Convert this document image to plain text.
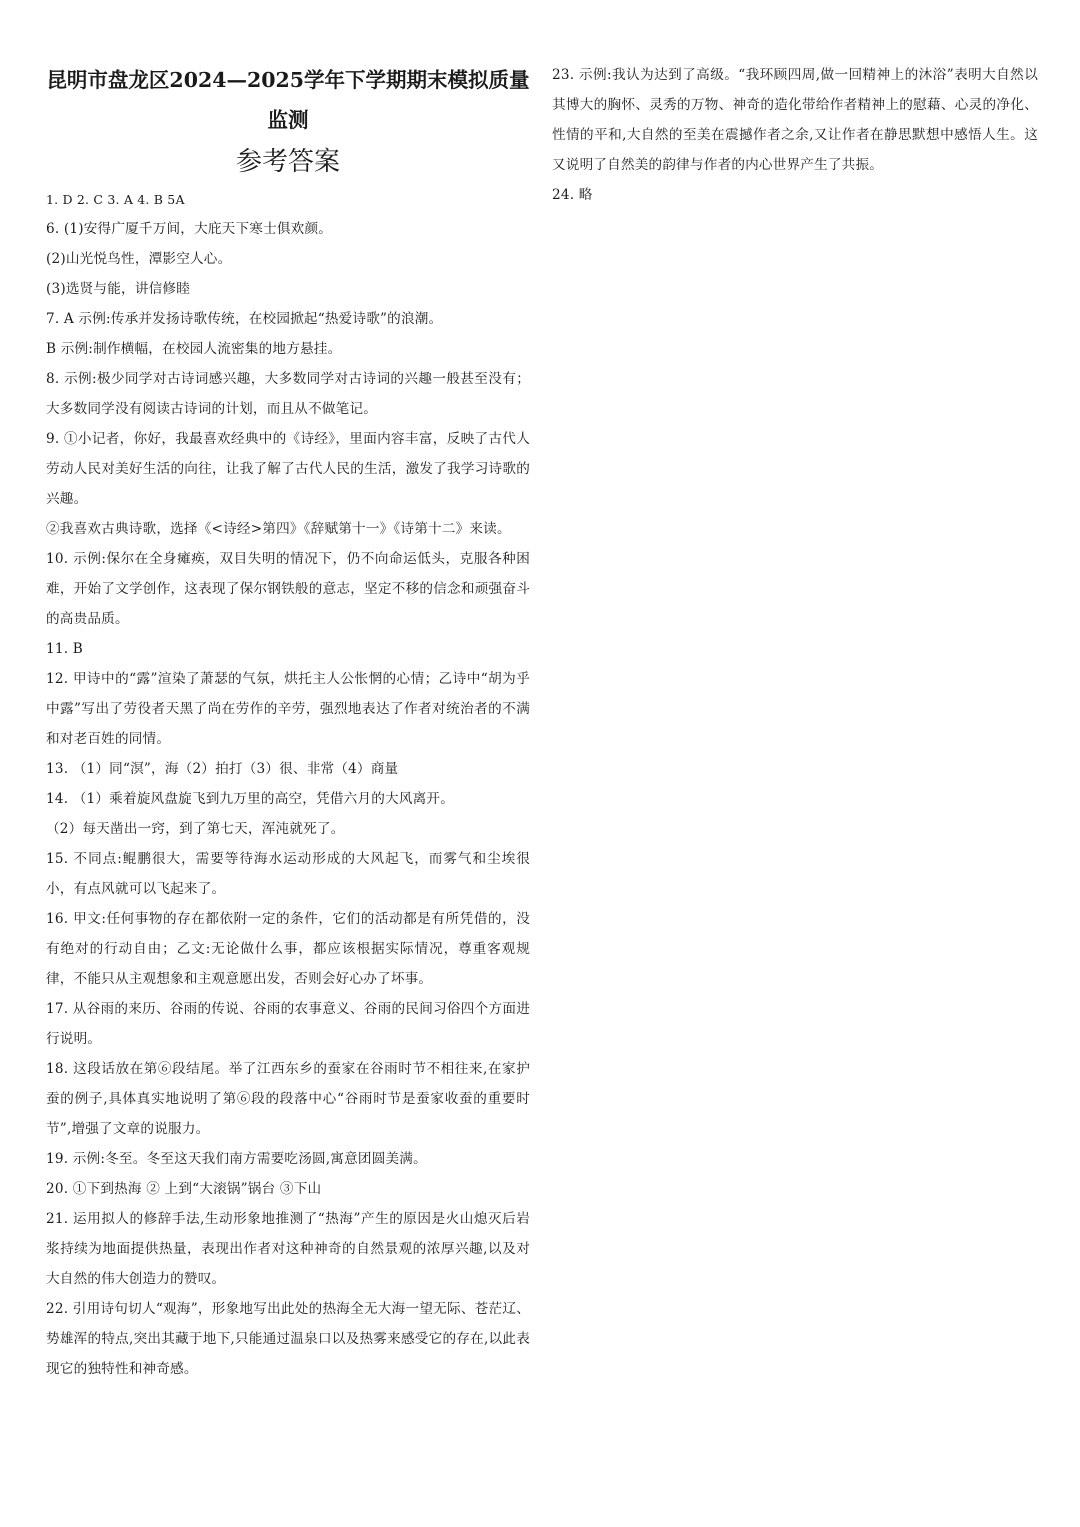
昆明市盘龙区2024—2025学年下学期期末模拟质量监测
参考答案

1. D 2. C 3. A 4. B 5A

6. (1)安得广厦千万间，大庇天下寒士俱欢颜。

(2)山光悦鸟性，潭影空人心。

(3)选贤与能，讲信修睦

7. A 示例:传承并发扬诗歌传统，在校园掀起“热爱诗歌”的浪潮。

B 示例:制作横幅，在校园人流密集的地方悬挂。

8. 示例:极少同学对古诗词感兴趣，大多数同学对古诗词的兴趣一般甚至没有；大多数同学没有阅读古诗词的计划，而且从不做笔记。

9. ①小记者，你好，我最喜欢经典中的《诗经》，里面内容丰富，反映了古代人劳动人民对美好生活的向往，让我了解了古代人民的生活，激发了我学习诗歌的兴趣。

②我喜欢古典诗歌，选择《<诗经>第四》《辞赋第十一》《诗第十二》来读。

10. 示例:保尔在全身瘫痪，双目失明的情况下，仍不向命运低头，克服各种困难，开始了文学创作，这表现了保尔钢铁般的意志，坚定不移的信念和顽强奋斗的高贵品质。

11. B

12. 甲诗中的“露”渲染了萧瑟的气氛，烘托主人公怅惘的心情；乙诗中“胡为乎中露”写出了劳役者天黑了尚在劳作的辛劳，强烈地表达了作者对统治者的不满和对老百姓的同情。

13. （1）同“溟”，海（2）拍打（3）很、非常（4）商量

14. （1）乘着旋风盘旋飞到九万里的高空，凭借六月的大风离开。

（2）每天凿出一窍，到了第七天，浑沌就死了。

15. 不同点:鲲鹏很大，需要等待海水运动形成的大风起飞，而雾气和尘埃很小，有点风就可以飞起来了。

16. 甲文:任何事物的存在都依附一定的条件，它们的活动都是有所凭借的，没有绝对的行动自由；乙文:无论做什么事，都应该根据实际情况，尊重客观规律，不能只从主观想象和主观意愿出发，否则会好心办了坏事。

17. 从谷雨的来历、谷雨的传说、谷雨的农事意义、谷雨的民间习俗四个方面进行说明。

18. 这段话放在第⑥段结尾。举了江西东乡的蚕家在谷雨时节不相往来,在家护蚕的例子,具体真实地说明了第⑥段的段落中心“谷雨时节是蚕家收蚕的重要时节”,增强了文章的说服力。

19. 示例:冬至。冬至这天我们南方需要吃汤圆,寓意团圆美满。

20. ①下到热海 ② 上到“大滚锅”锅台 ③下山

21. 运用拟人的修辞手法,生动形象地推测了“热海”产生的原因是火山熄灭后岩浆持续为地面提供热量，表现出作者对这种神奇的自然景观的浓厚兴趣,以及对大自然的伟大创造力的赞叹。

22. 引用诗句切人“观海”，形象地写出此处的热海全无大海一望无际、苍茫辽、势雄浑的特点,突出其藏于地下,只能通过温泉口以及热雾来感受它的存在,以此表现它的独特性和神奇感。

23. 示例:我认为达到了高级。“我环顾四周,做一回精神上的沐浴”表明大自然以其博大的胸怀、灵秀的万物、神奇的造化带给作者精神上的慰藉、心灵的净化、性情的平和,大自然的至美在震撼作者之余,又让作者在静思默想中感悟人生。这又说明了自然美的韵律与作者的内心世界产生了共振。

24. 略
